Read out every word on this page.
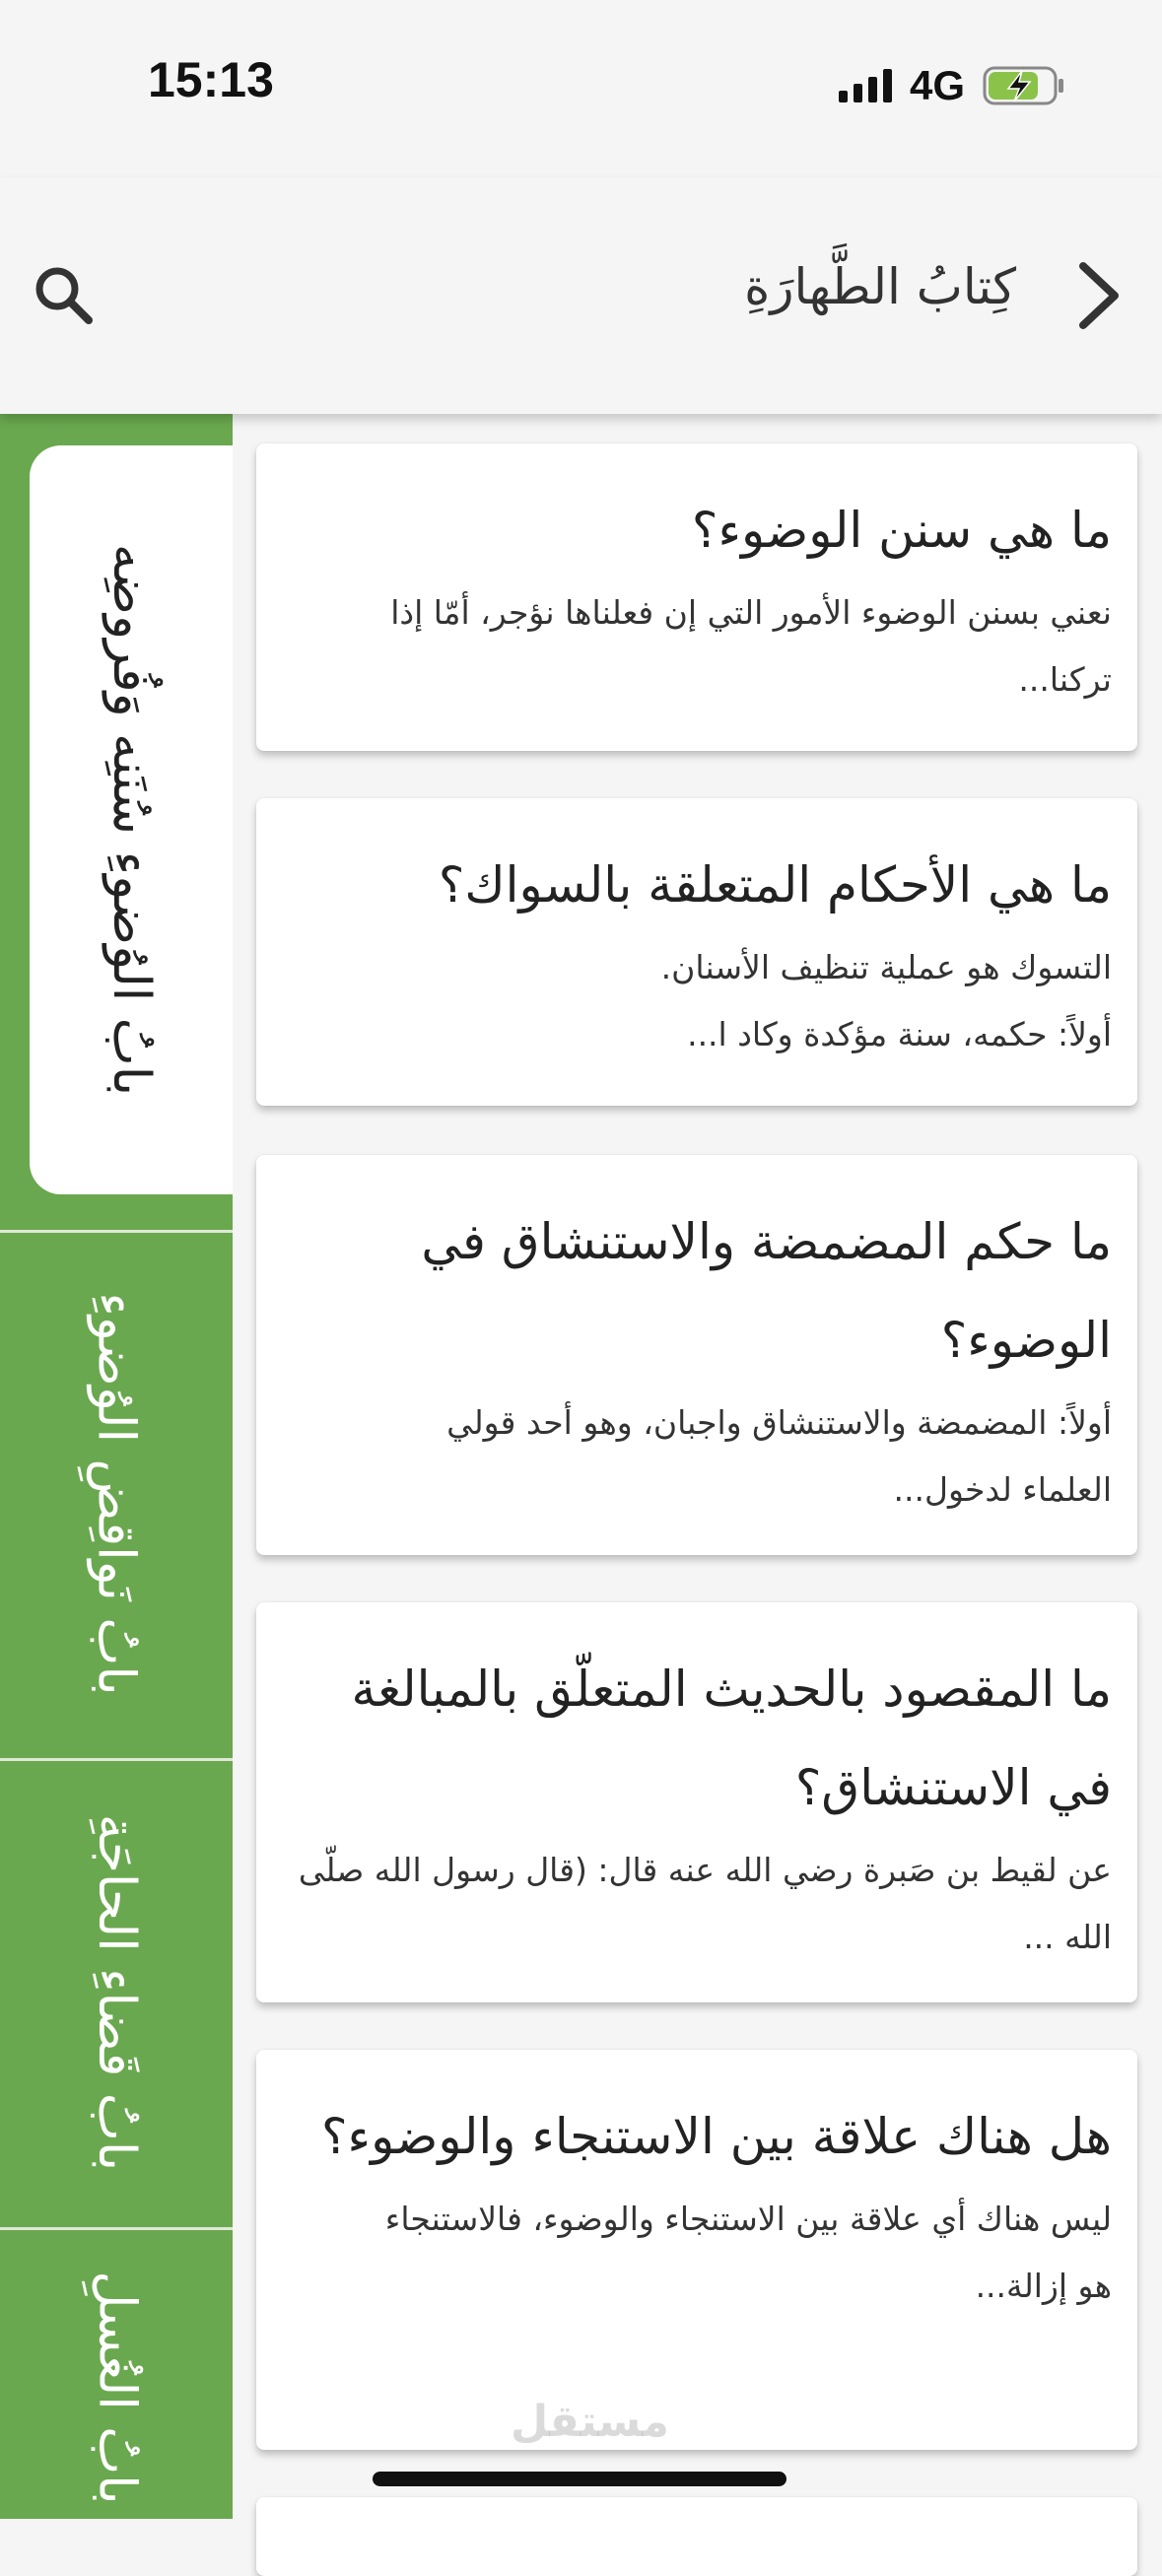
15:13	4G
كِتابُ الطَّهارَةِ
بابُ الوُضوءِ سُنَنِه وَفُروضِه
بابُ نَواقِضِ الوُضوءِ
بابُ قَضاءِ الحاجَةِ
بابُ الغُسلِ
ما هي سنن الوضوء؟
نعني بسنن الوضوء الأمور التي إن فعلناها نؤجر، أمّا إذا
تركنا...
ما هي الأحكام المتعلقة بالسواك؟
التسوك هو عملية تنظيف الأسنان.
أولاً: حكمه، سنة مؤكدة وكاد ا...
ما حكم المضمضة والاستنشاق في الوضوء؟
أولاً: المضمضة والاستنشاق واجبان، وهو أحد قولي
العلماء لدخول...
ما المقصود بالحديث المتعلّق بالمبالغة في الاستنشاق؟
عن لقيط بن صَبرة رضي الله عنه قال: (قال رسول الله صلّى
الله ...
هل هناك علاقة بين الاستنجاء والوضوء؟
ليس هناك أي علاقة بين الاستنجاء والوضوء، فالاستنجاء
هو إزالة...
مستقل
